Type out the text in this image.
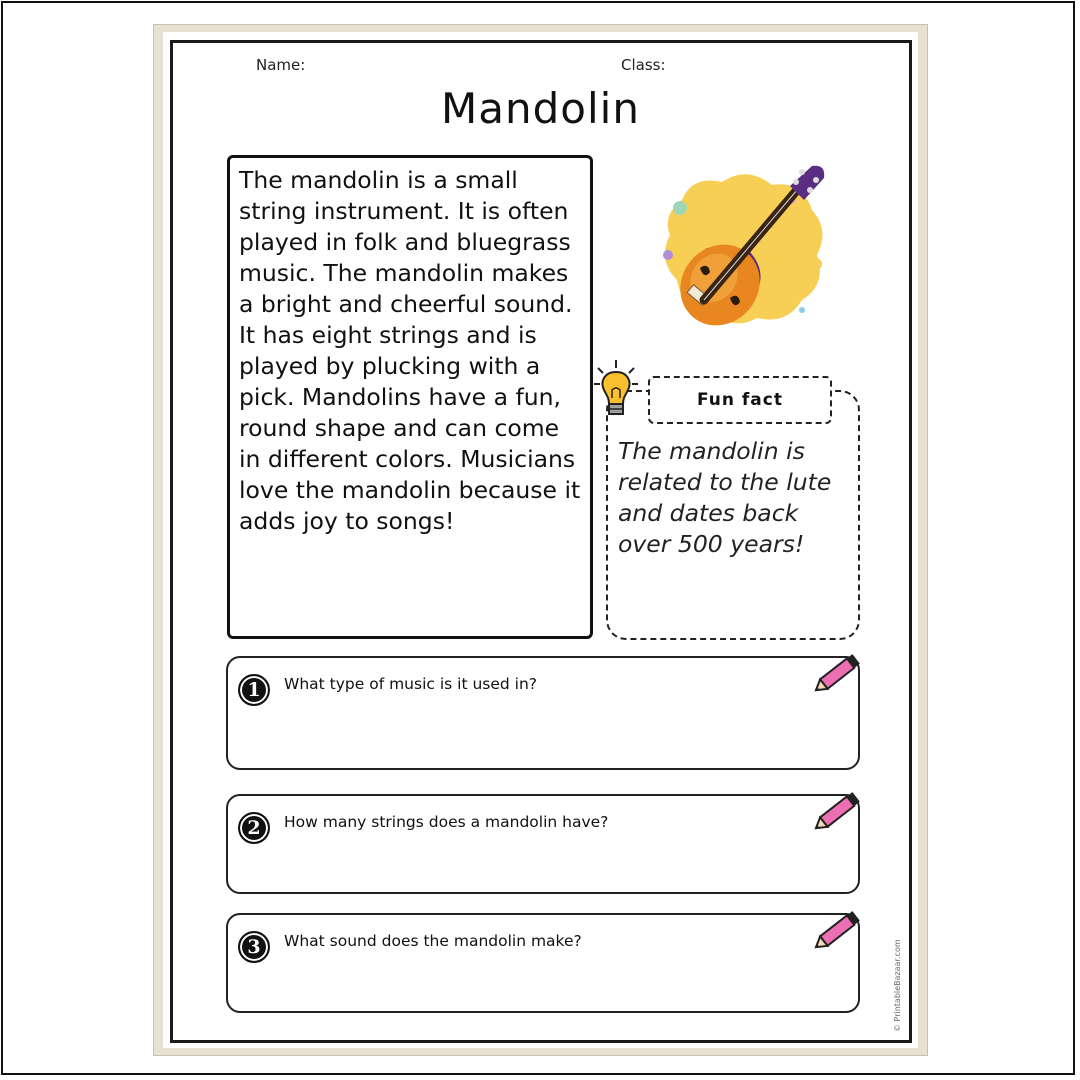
Name:	Class:
Mandolin

The mandolin is a small string instrument. It is often played in folk and bluegrass music. The mandolin makes a bright and cheerful sound. It has eight strings and is played by plucking with a pick. Mandolins have a fun, round shape and can come in different colors. Musicians love the mandolin because it adds joy to songs!

Fun fact

The mandolin is related to the lute and dates back over 500 years!

1	What type of music is it used in?
2	How many strings does a mandolin have?
3	What sound does the mandolin make?	© PrintableBazaar.com
